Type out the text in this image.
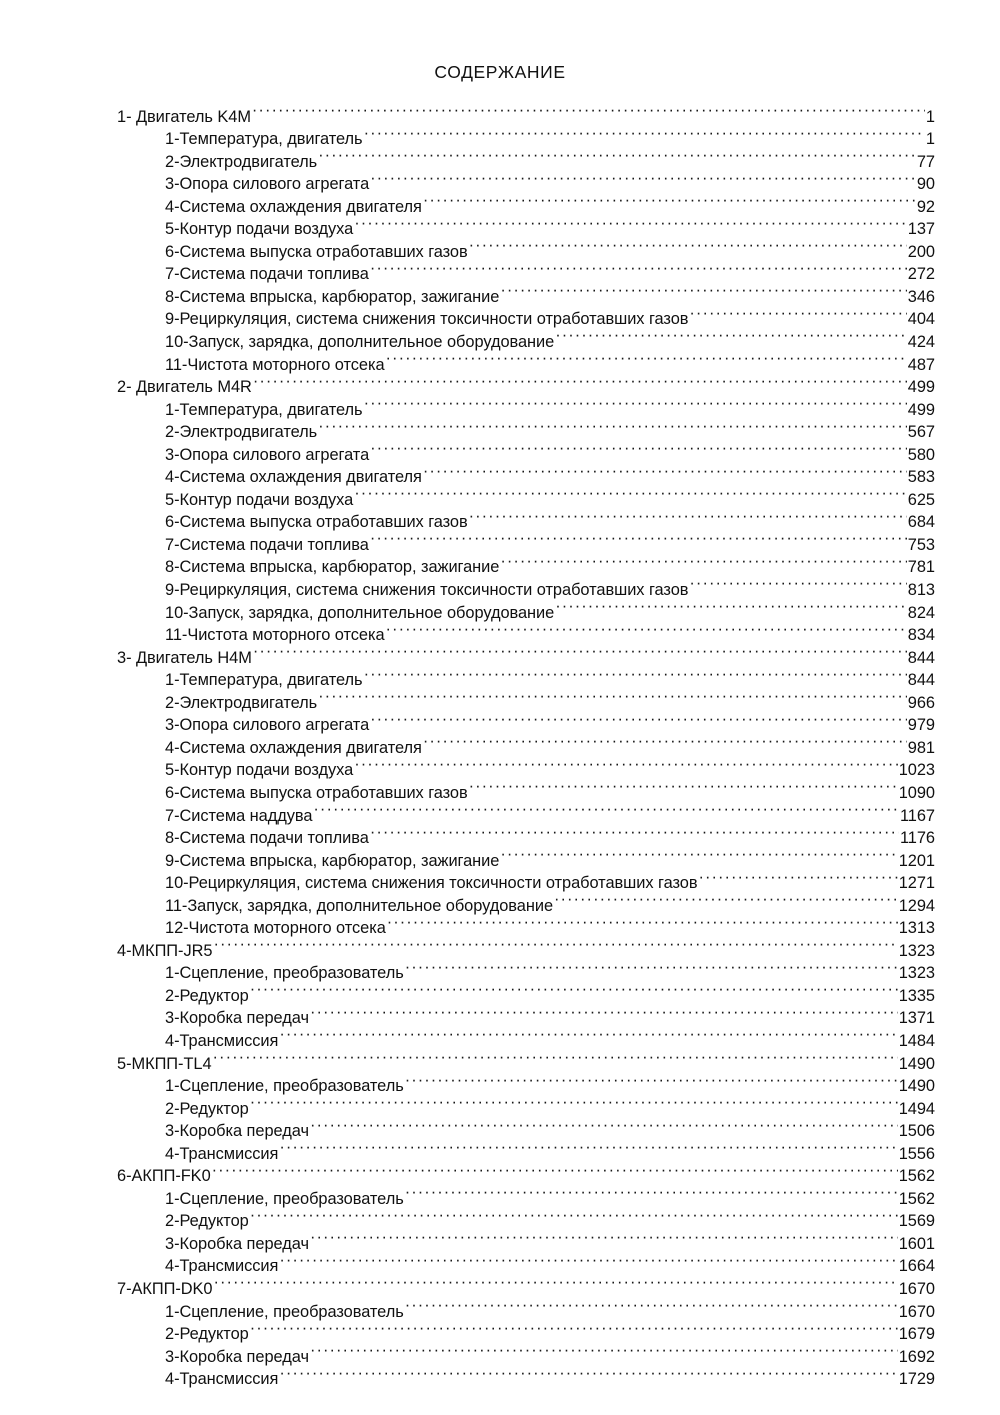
СОДЕРЖАНИЕ
1- Двигатель K4M ·····	1
1-Температура, двигатель ·····	1
2-Электродвигатель ·····	77
3-Опора силового агрегата ·····	90
4-Система охлаждения двигателя ·····	92
5-Контур подачи воздуха ·····	137
6-Система выпуска отработавших газов ·····	200
7-Система подачи топлива ·····	272
8-Система впрыска, карбюратор, зажигание ·····	346
9-Рециркуляция, система снижения токсичности отработавших газов ·····	404
10-Запуск, зарядка, дополнительное оборудование ·····	424
11-Чистота моторного отсека ·····	487
2- Двигатель M4R ·····	499
1-Температура, двигатель ·····	499
2-Электродвигатель ·····	567
3-Опора силового агрегата ·····	580
4-Система охлаждения двигателя ·····	583
5-Контур подачи воздуха ·····	625
6-Система выпуска отработавших газов ·····	684
7-Система подачи топлива ·····	753
8-Система впрыска, карбюратор, зажигание ·····	781
9-Рециркуляция, система снижения токсичности отработавших газов ·····	813
10-Запуск, зарядка, дополнительное оборудование ·····	824
11-Чистота моторного отсека ·····	834
3- Двигатель H4M ·····	844
1-Температура, двигатель ·····	844
2-Электродвигатель ·····	966
3-Опора силового агрегата ·····	979
4-Система охлаждения двигателя ·····	981
5-Контур подачи воздуха ·····	1023
6-Система выпуска отработавших газов ·····	1090
7-Система наддува ·····	1167
8-Система подачи топлива ·····	1176
9-Система впрыска, карбюратор, зажигание ·····	1201
10-Рециркуляция, система снижения токсичности отработавших газов ·····	1271
11-Запуск, зарядка, дополнительное оборудование ·····	1294
12-Чистота моторного отсека ·····	1313
4-МКПП-JR5 ·····	1323
1-Сцепление, преобразователь ·····	1323
2-Редуктор ·····	1335
3-Коробка передач ·····	1371
4-Трансмиссия ·····	1484
5-МКПП-TL4 ·····	1490
1-Сцепление, преобразователь ·····	1490
2-Редуктор ·····	1494
3-Коробка передач ·····	1506
4-Трансмиссия ·····	1556
6-АКПП-FK0 ·····	1562
1-Сцепление, преобразователь ·····	1562
2-Редуктор ·····	1569
3-Коробка передач ·····	1601
4-Трансмиссия ·····	1664
7-АКПП-DK0 ·····	1670
1-Сцепление, преобразователь ·····	1670
2-Редуктор ·····	1679
3-Коробка передач ·····	1692
4-Трансмиссия ·····	1729
